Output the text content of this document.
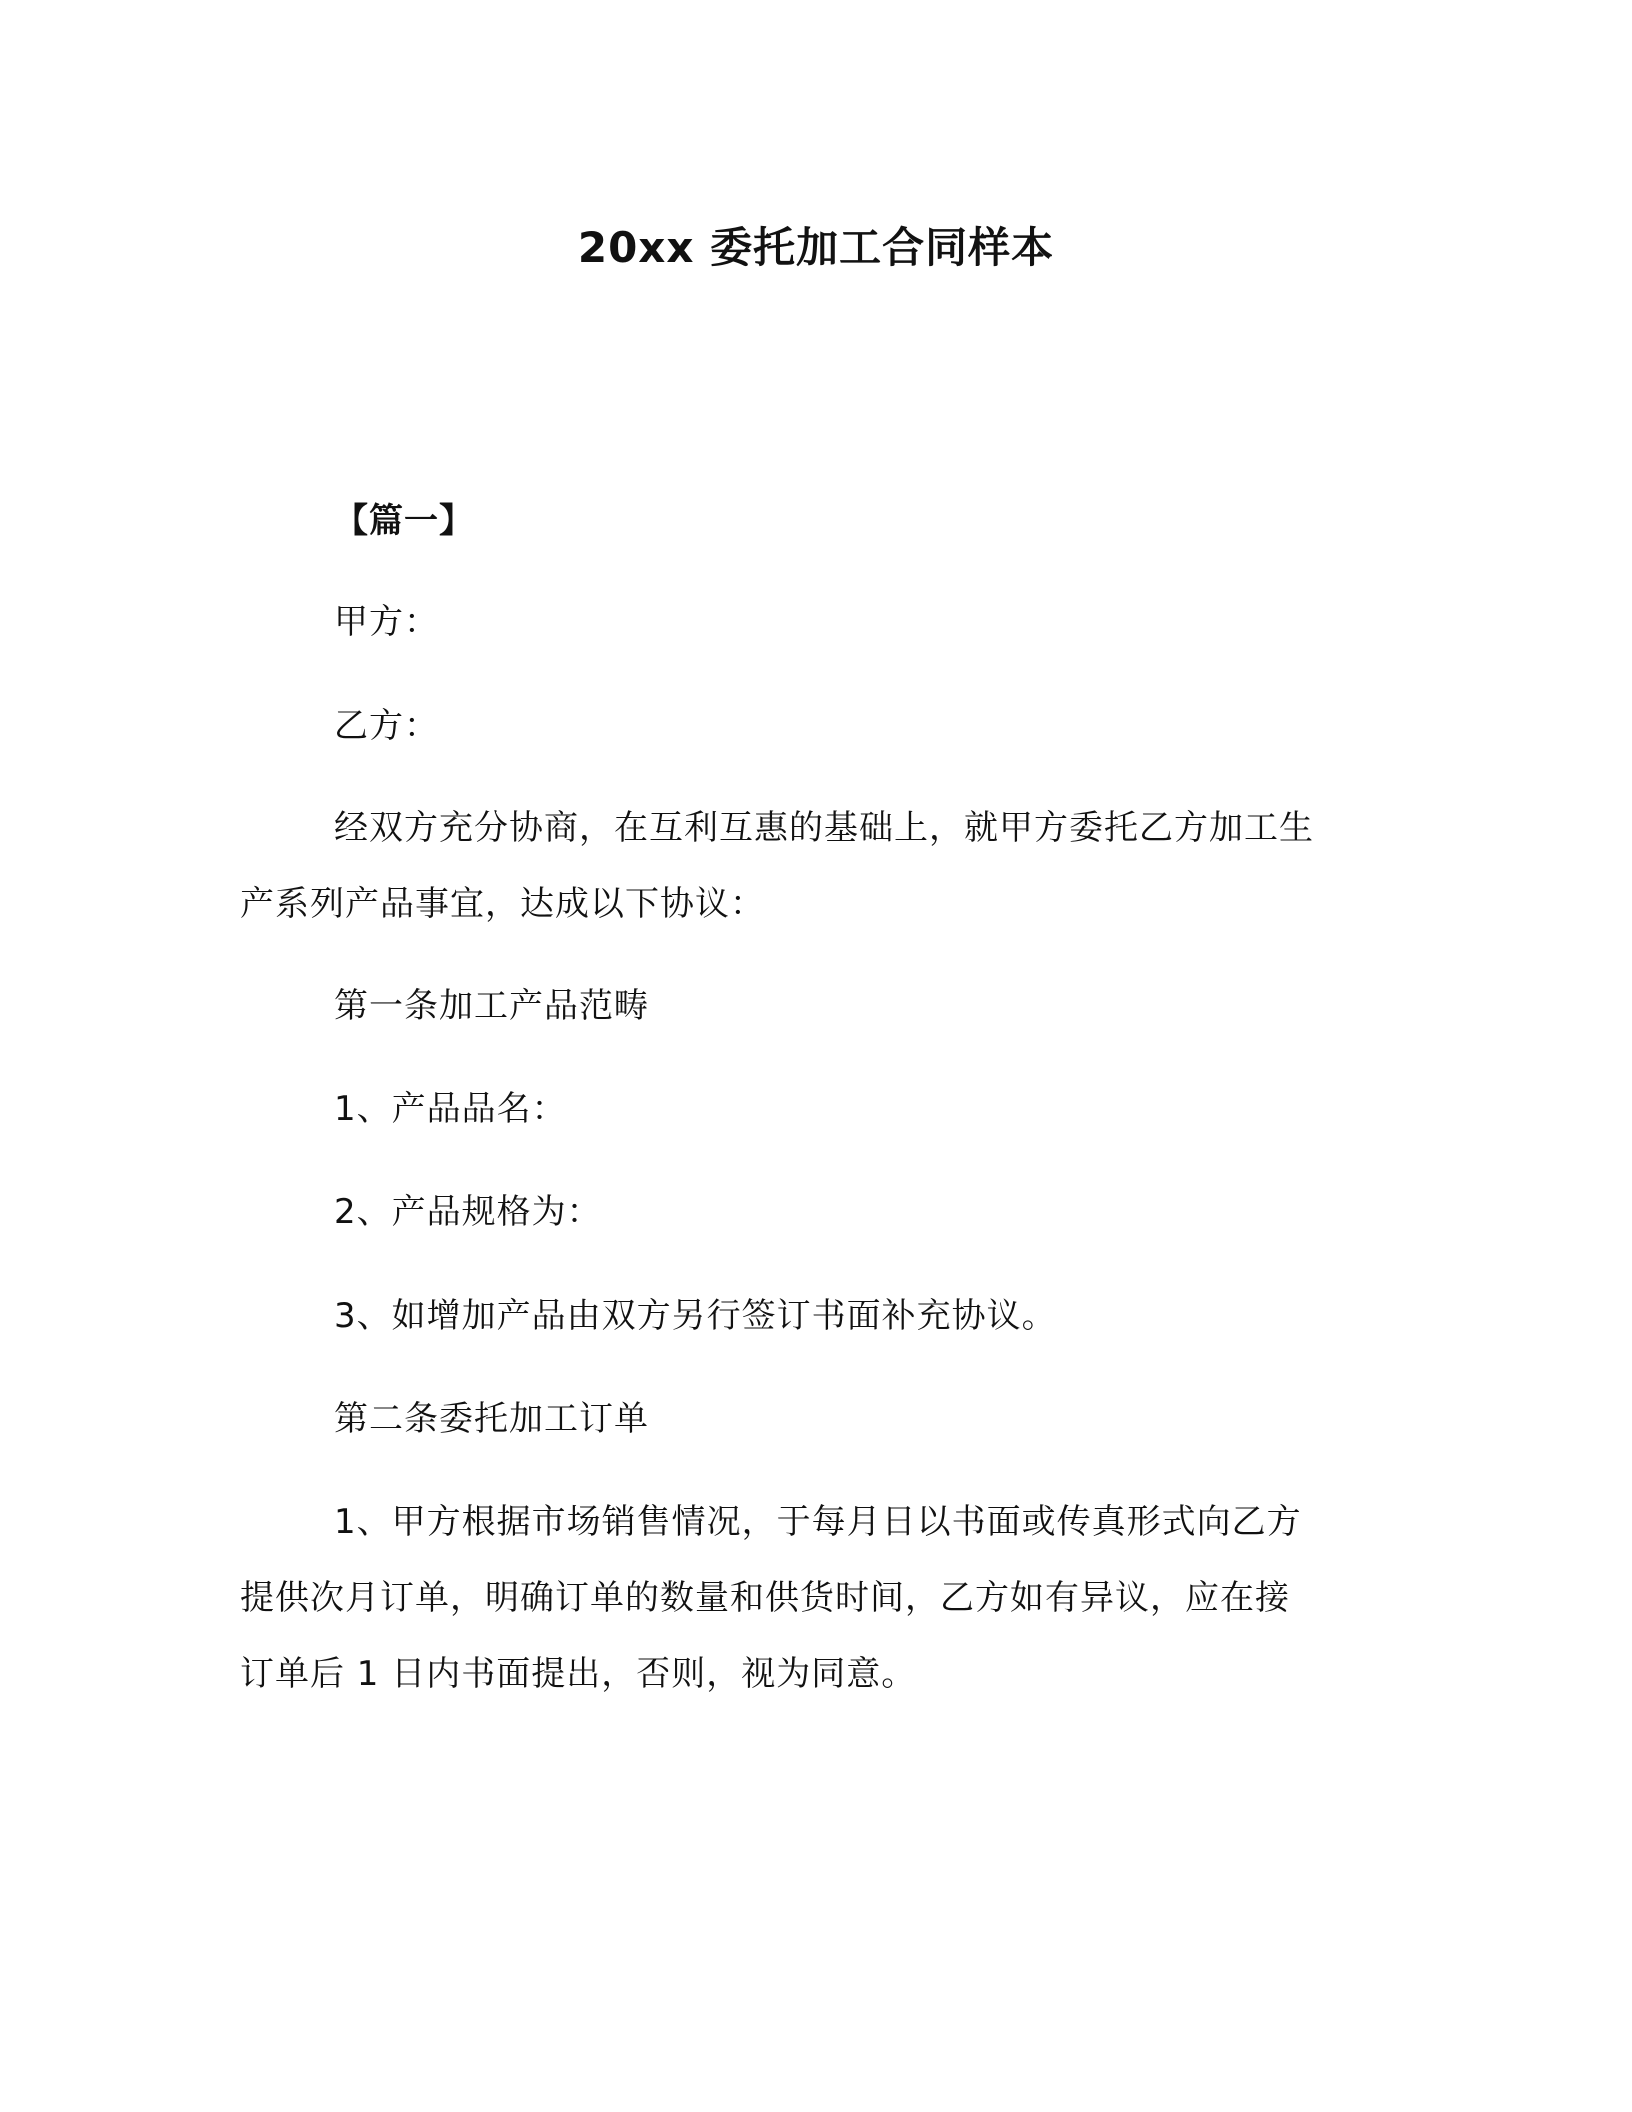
20xx 委托加工合同样本
【篇一】
甲方：
乙方：
经双方充分协商，在互利互惠的基础上，就甲方委托乙方加工生
产系列产品事宜，达成以下协议：
第一条加工产品范畴
1、产品品名：
2、产品规格为：
3、如增加产品由双方另行签订书面补充协议。
第二条委托加工订单
1、甲方根据市场销售情况，于每月日以书面或传真形式向乙方
提供次月订单，明确订单的数量和供货时间，乙方如有异议，应在接
订单后 1 日内书面提出，否则，视为同意。
